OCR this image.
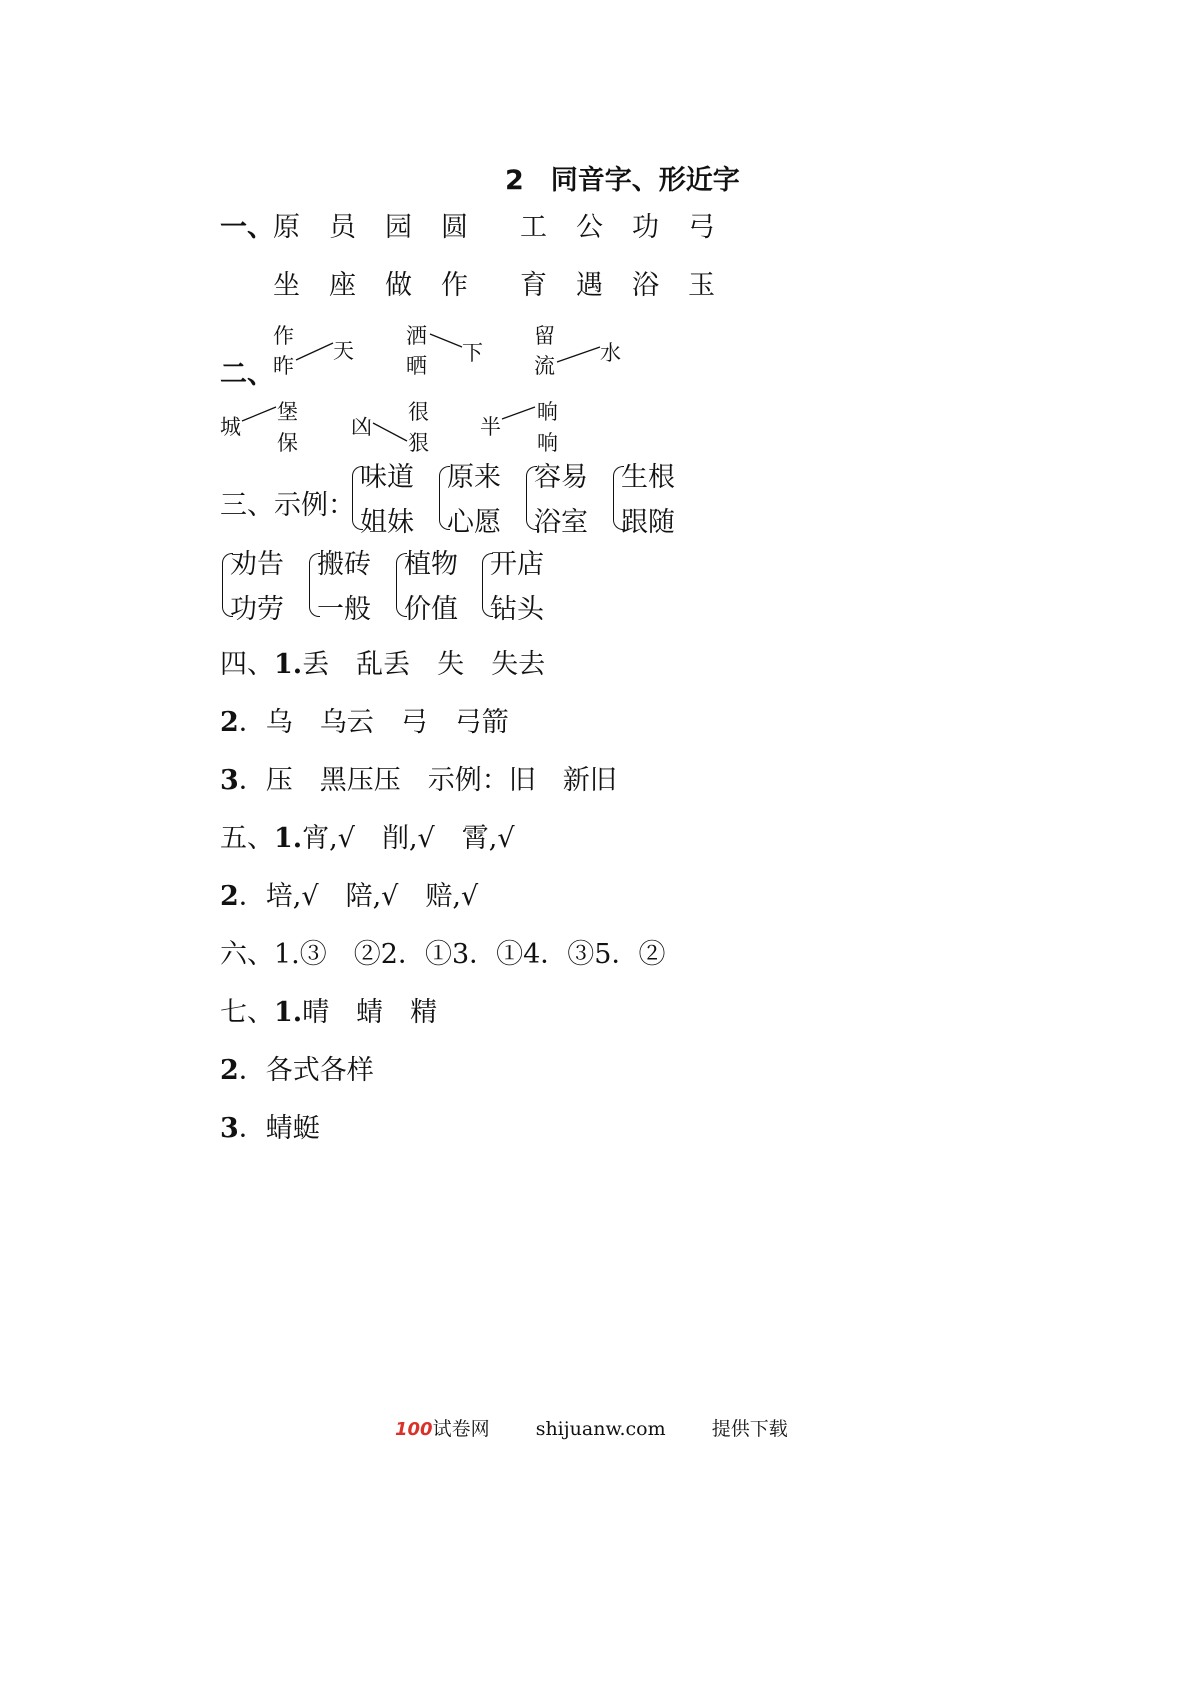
2　同音字、形近字
一、 原 员 园 圆	工 公 功 弓
坐 座 做 作	育 遇 浴 玉
二、
作
昨
天
洒
晒
下
留
流
水
城
堡
保
凶
很
狠
半
晌
响
三、示例：
味道
姐妹
原来
心愿
容易
浴室
生根
跟随
劝告
功劳
搬砖
一般
植物
价值
开店
钻头
四、1.丢　乱丢　失　失去
2．乌　乌云　弓　弓箭
3．压　黑压压　示例：旧　新旧
五、1.宵,√　削,√　霄,√
2．培,√　陪,√　赔,√
六、1.③　②2．①3．①4．③5．②
七、1.晴　蜻　精
2．各式各样
3．蜻蜓
100试卷网 shijuanw.com 提供下载
